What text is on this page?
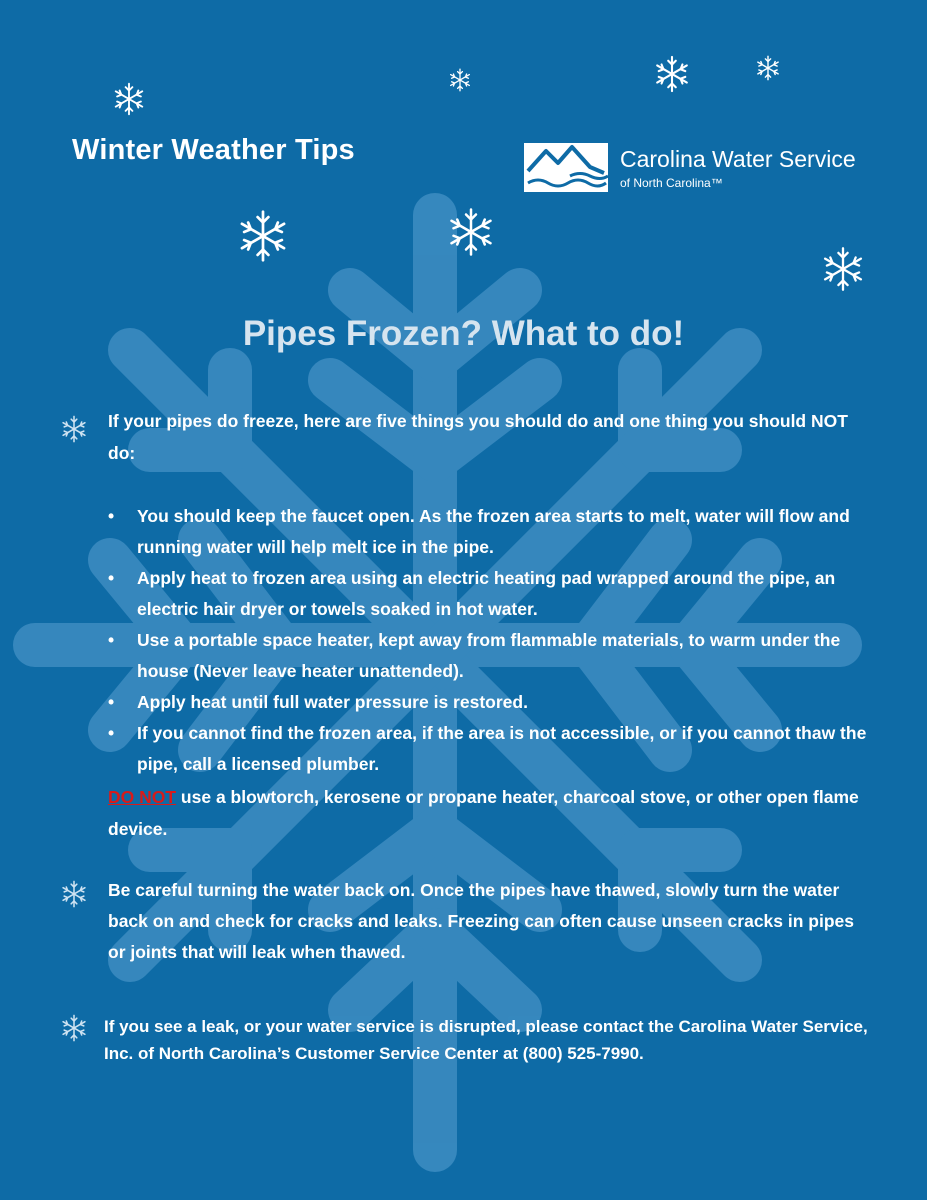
Winter Weather Tips	Carolina Water Service
of North Carolina™
Pipes Frozen? What to do!
If your pipes do freeze, here are five things you should do and one thing you should NOT do:
• You should keep the faucet open. As the frozen area starts to melt, water will flow and running water will help melt ice in the pipe.
• Apply heat to frozen area using an electric heating pad wrapped around the pipe, an electric hair dryer or towels soaked in hot water.
• Use a portable space heater, kept away from flammable materials, to warm under the house (Never leave heater unattended).
• Apply heat until full water pressure is restored.
• If you cannot find the frozen area, if the area is not accessible, or if you cannot thaw the pipe, call a licensed plumber.
DO NOT use a blowtorch, kerosene or propane heater, charcoal stove, or other open flame device.
Be careful turning the water back on. Once the pipes have thawed, slowly turn the water back on and check for cracks and leaks. Freezing can often cause unseen cracks in pipes or joints that will leak when thawed.
If you see a leak, or your water service is disrupted, please contact the Carolina Water Service, Inc. of North Carolina’s Customer Service Center at (800) 525-7990.
